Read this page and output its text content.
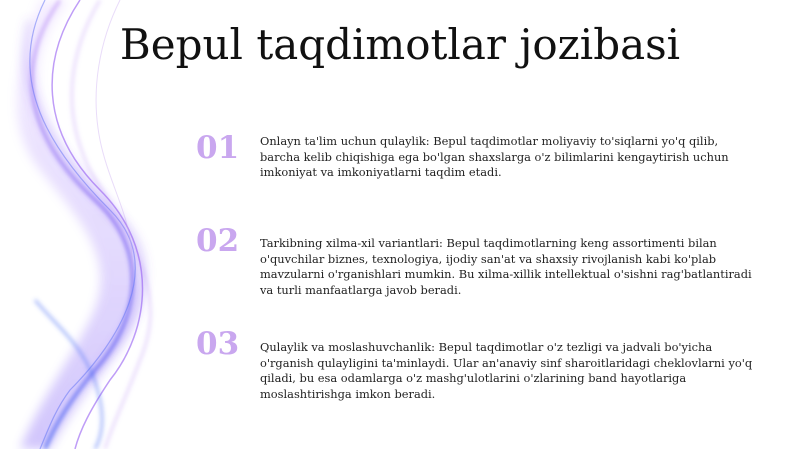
Bepul taqdimotlar jozibasi
01	Onlayn ta'lim uchun qulaylik: Bepul taqdimotlar moliyaviy to'siqlarni yo'q qilib, barcha kelib chiqishiga ega bo'lgan shaxslarga o'z bilimlarini kengaytirish uchun imkoniyat va imkoniyatlarni taqdim etadi.
02	Tarkibning xilma-xil variantlari: Bepul taqdimotlarning keng assortimenti bilan o'quvchilar biznes, texnologiya, ijodiy san'at va shaxsiy rivojlanish kabi ko'plab mavzularni o'rganishlari mumkin. Bu xilma-xillik intellektual o'sishni rag'batlantiradi va turli manfaatlarga javob beradi.
03	Qulaylik va moslashuvchanlik: Bepul taqdimotlar o'z tezligi va jadvali bo'yicha o'rganish qulayligini ta'minlaydi. Ular an'anaviy sinf sharoitlaridagi cheklovlarni yo'q qiladi, bu esa odamlarga o'z mashg'ulotlarini o'zlarining band hayotlariga moslashtirishga imkon beradi.
